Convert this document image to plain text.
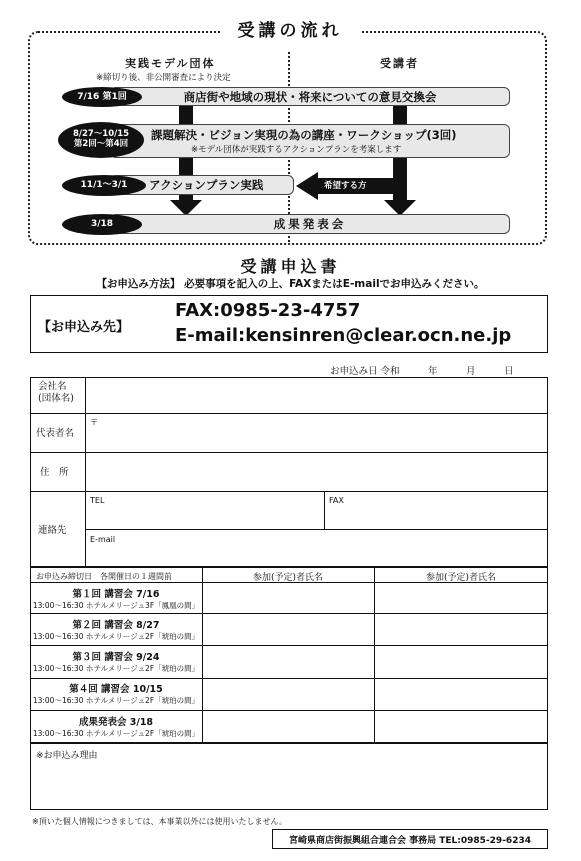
受講の流れ
実践モデル団体
※締切り後、非公開審査により決定
受講者
商店街や地域の現状・将来についての意見交換会
7/16 第1回
課題解決・ビジョン実現の為の講座・ワークショップ(3回)
※モデル団体が実践するアクションプランを考案します
8/27〜10/15
第2回〜第4回
アクションプラン実践
11/1〜3/1	希望する方
成果発表会
3/18
受講申込書
【お申込み方法】 必要事項を記入の上、FAXまたはE-mailでお申込みください。
【お申込み先】
FAX:0985-23-4757
E-mail:kensinren@clear.ocn.ne.jp
お申込み日 令和　　　年　　　月　　　日
会社名
(団体名)
代表者名
〒
住　所
連絡先
TEL	FAX
E-mail
お申込み締切日　各開催日の１週間前	参加(予定)者氏名	参加(予定)者氏名
第１回 講習会 7/16
13:00〜16:30 ホテルメリージュ3F「鳳凰の間」
第２回 講習会 8/27
13:00〜16:30 ホテルメリージュ2F「琥珀の間」
第３回 講習会 9/24
13:00〜16:30 ホテルメリージュ2F「琥珀の間」
第４回 講習会 10/15
13:00〜16:30 ホテルメリージュ2F「琥珀の間」
成果発表会 3/18
13:00〜16:30 ホテルメリージュ2F「琥珀の間」
※お申込み理由
※頂いた個人情報につきましては、本事業以外には使用いたしません。
宮崎県商店街振興組合連合会 事務局 TEL:0985-29-6234
